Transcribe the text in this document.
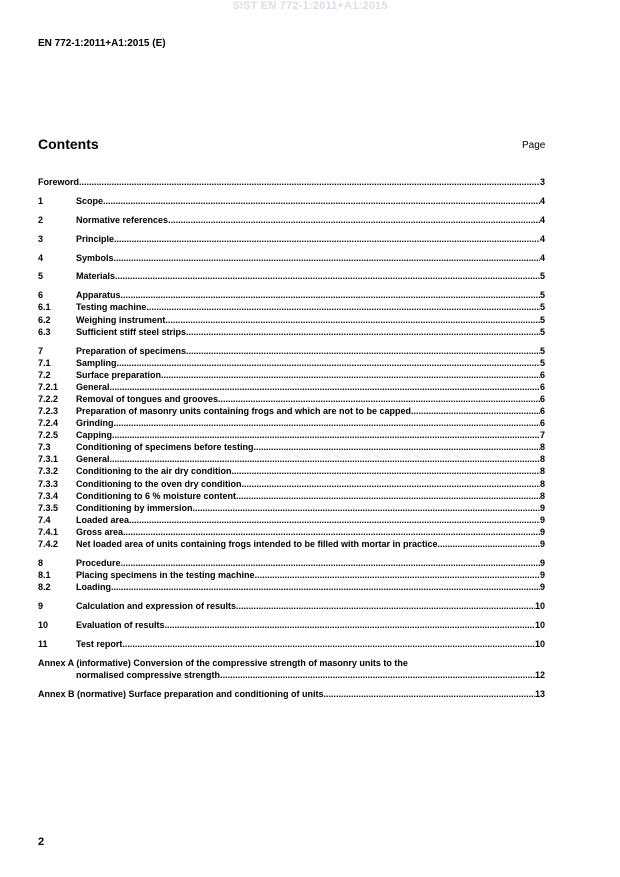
SIST EN 772-1:2011+A1:2015
EN 772-1:2011+A1:2015 (E)
Contents	Page
Foreword .....	3
1	Scope .....	4
2	Normative references .....	4
3	Principle .....	4
4	Symbols .....	4
5	Materials .....	5
6	Apparatus .....	5
6.1	Testing machine .....	5
6.2	Weighing instrument .....	5
6.3	Sufficient stiff steel strips .....	5
7	Preparation of specimens .....	5
7.1	Sampling .....	5
7.2	Surface preparation .....	6
7.2.1	General .....	6
7.2.2	Removal of tongues and grooves .....	6
7.2.3	Preparation of masonry units containing frogs and which are not to be capped .....	6
7.2.4	Grinding .....	6
7.2.5	Capping .....	7
7.3	Conditioning of specimens before testing .....	8
7.3.1	General .....	8
7.3.2	Conditioning to the air dry condition .....	8
7.3.3	Conditioning to the oven dry condition .....	8
7.3.4	Conditioning to 6 % moisture content .....	8
7.3.5	Conditioning by immersion .....	9
7.4	Loaded area .....	9
7.4.1	Gross area .....	9
7.4.2	Net loaded area of units containing frogs intended to be filled with mortar in practice .....	9
8	Procedure .....	9
8.1	Placing specimens in the testing machine .....	9
8.2	Loading .....	9
9	Calculation and expression of results .....	10
10	Evaluation of results .....	10
11	Test report .....	10
Annex A (informative) Conversion of the compressive strength of masonry units to the
normalised compressive strength .....	12
Annex B (normative) Surface preparation and conditioning of units .....	13
2
